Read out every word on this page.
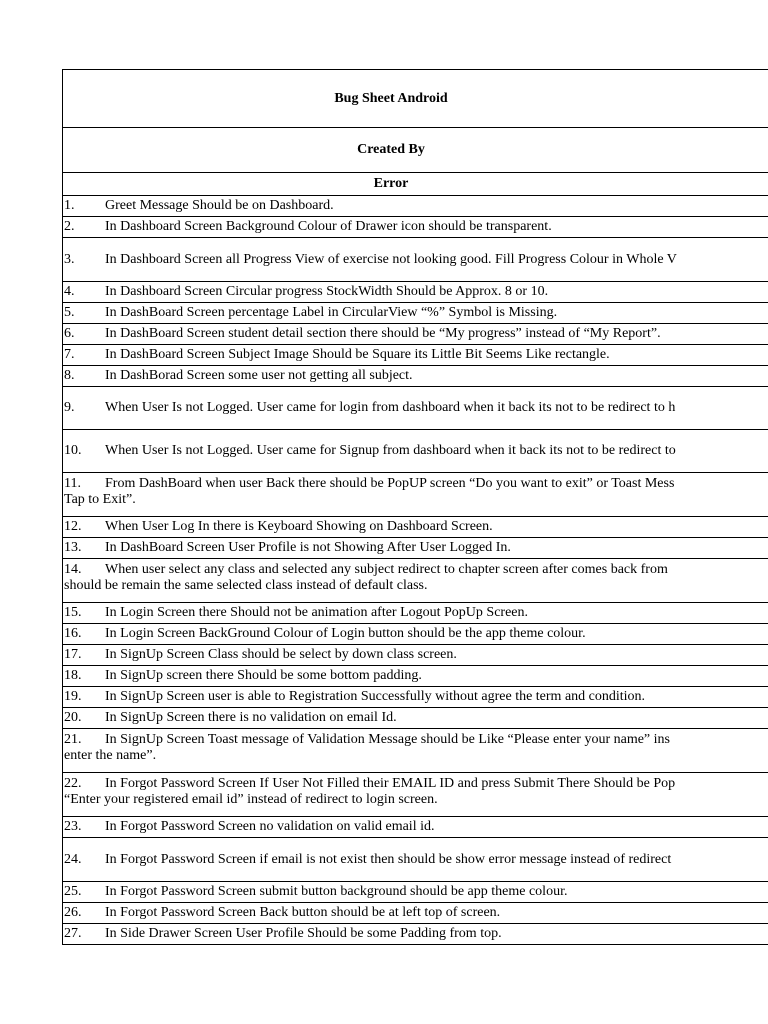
Bug Sheet Android
Created By
Error

1. Greet Message Should be on Dashboard.

2. In Dashboard Screen Background Colour of Drawer icon should be transparent.

3. In Dashboard Screen all Progress View of exercise not looking good. Fill Progress Colour in Whole V

4. In Dashboard Screen Circular progress StockWidth Should be Approx. 8 or 10.

5. In DashBoard Screen percentage Label in CircularView “%” Symbol is Missing.

6. In DashBoard Screen student detail section there should be “My progress” instead of “My Report”.

7. In DashBoard Screen Subject Image Should be Square its Little Bit Seems Like rectangle.

8. In DashBorad Screen some user not getting all subject.

9. When User Is not Logged. User came for login from dashboard when it back its not to be redirect to h

10. When User Is not Logged. User came for Signup from dashboard when it back its not to be redirect to

11. From DashBoard when user Back there should be PopUP screen “Do you want to exit” or Toast Mess
Tap to Exit”.

12. When User Log In there is Keyboard Showing on Dashboard Screen.

13. In DashBoard Screen User Profile is not Showing After User Logged In.

14. When user select any class and selected any subject redirect to chapter screen after comes back from
should be remain the same selected class instead of default class.

15. In Login Screen there Should not be animation after Logout PopUp Screen.

16. In Login Screen BackGround Colour of Login button should be the app theme colour.

17. In SignUp Screen Class should be select by down class screen.

18. In SignUp screen there Should be some bottom padding.

19. In SignUp Screen user is able to Registration Successfully without agree the term and condition.

20. In SignUp Screen there is no validation on email Id.

21. In SignUp Screen Toast message of Validation Message should be Like “Please enter your name” ins
enter the name”.

22. In Forgot Password Screen If User Not Filled their EMAIL ID and press Submit There Should be Pop
“Enter your registered email id” instead of redirect to login screen.

23. In Forgot Password Screen no validation on valid email id.

24. In Forgot Password Screen if email is not exist then should be show error message instead of redirect

25. In Forgot Password Screen submit button background should be app theme colour.

26. In Forgot Password Screen Back button should be at left top of screen.

27. In Side Drawer Screen User Profile Should be some Padding from top.
